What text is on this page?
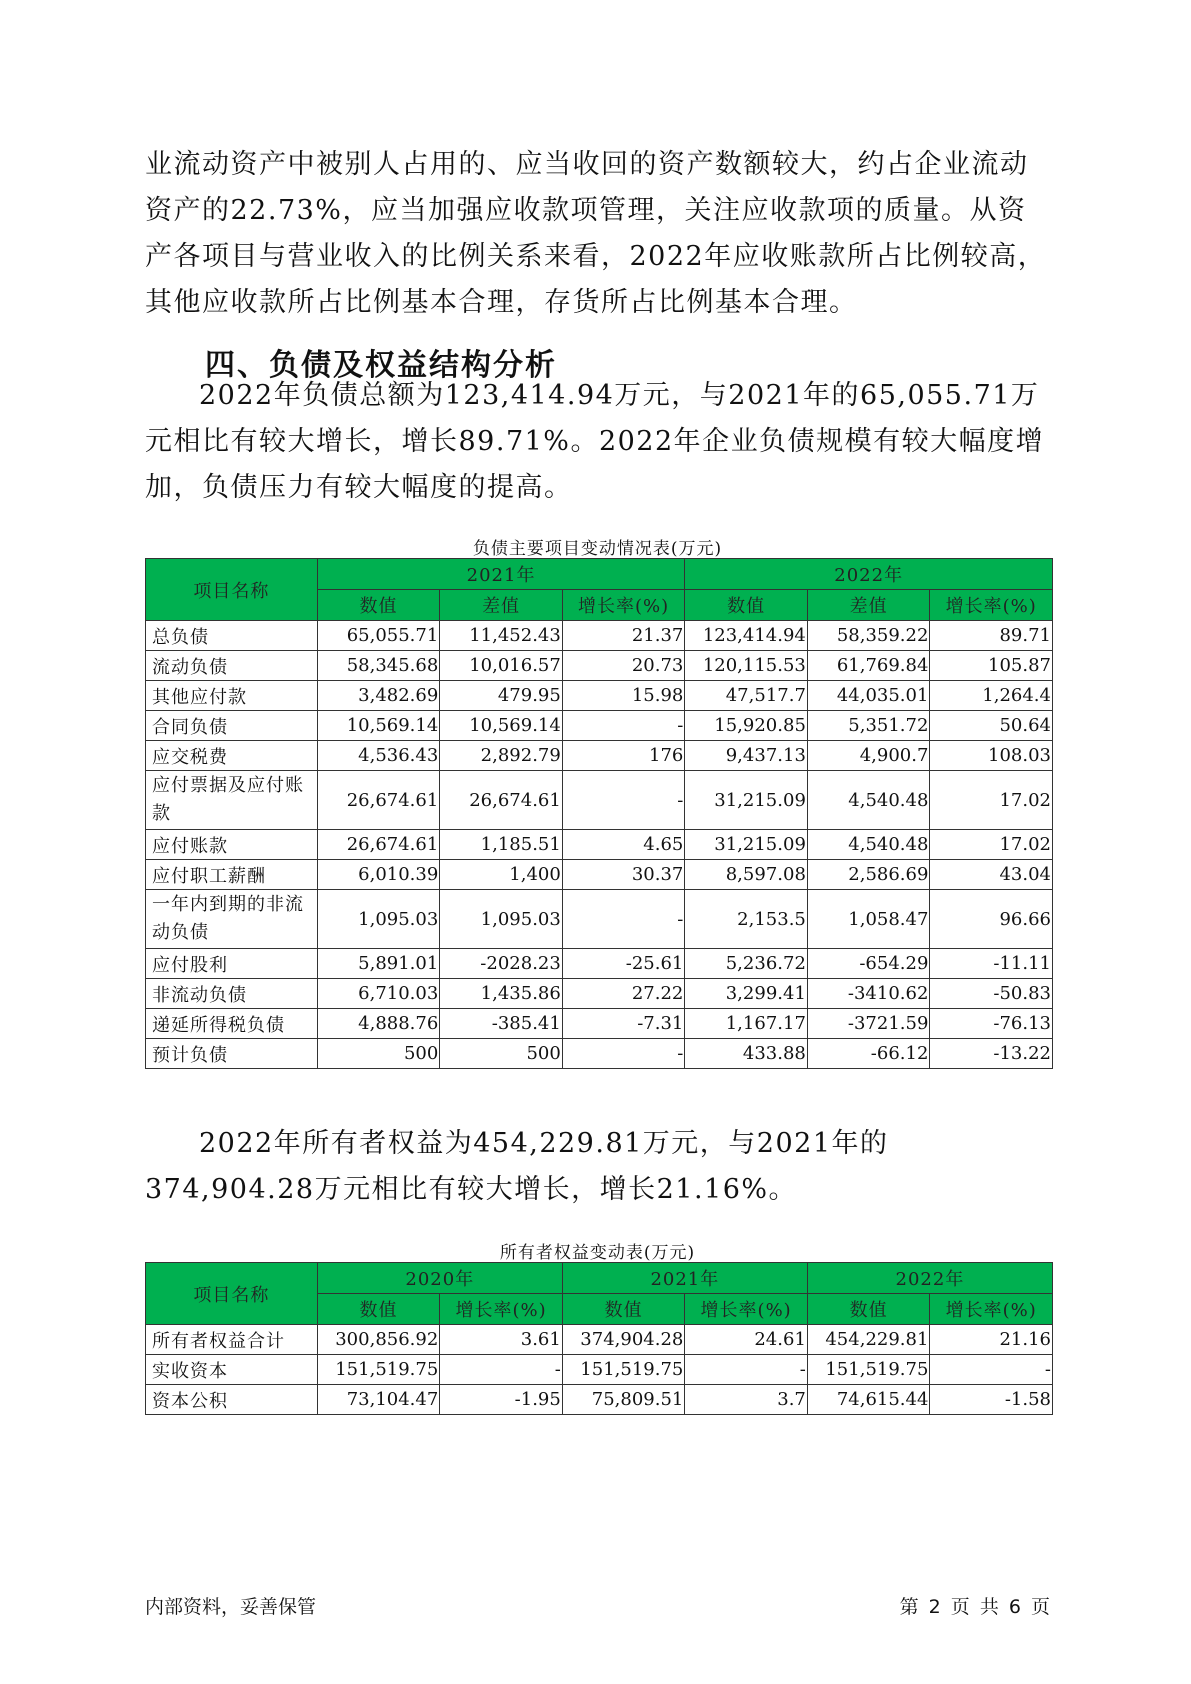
业流动资产中被别人占用的、应当收回的资产数额较大，约占企业流动资产的22.73%，应当加强应收款项管理，关注应收款项的质量。从资产各项目与营业收入的比例关系来看，2022年应收账款所占比例较高，其他应收款所占比例基本合理，存货所占比例基本合理。

四、负债及权益结构分析

2022年负债总额为123,414.94万元，与2021年的65,055.71万元相比有较大增长，增长89.71%。2022年企业负债规模有较大幅度增加，负债压力有较大幅度的提高。

负债主要项目变动情况表(万元)

项目名称	2021年			2022年		
	数值	差值	增长率(%)	数值	差值	增长率(%)
总负债	65,055.71	11,452.43	21.37	123,414.94	58,359.22	89.71
流动负债	58,345.68	10,016.57	20.73	120,115.53	61,769.84	105.87
其他应付款	3,482.69	479.95	15.98	47,517.7	44,035.01	1,264.4
合同负债	10,569.14	10,569.14	-	15,920.85	5,351.72	50.64
应交税费	4,536.43	2,892.79	176	9,437.13	4,900.7	108.03
应付票据及应付账款	26,674.61	26,674.61	-	31,215.09	4,540.48	17.02
应付账款	26,674.61	1,185.51	4.65	31,215.09	4,540.48	17.02
应付职工薪酬	6,010.39	1,400	30.37	8,597.08	2,586.69	43.04
一年内到期的非流动负债	1,095.03	1,095.03	-	2,153.5	1,058.47	96.66
应付股利	5,891.01	-2028.23	-25.61	5,236.72	-654.29	-11.11
非流动负债	6,710.03	1,435.86	27.22	3,299.41	-3410.62	-50.83
递延所得税负债	4,888.76	-385.41	-7.31	1,167.17	-3721.59	-76.13
预计负债	500	500	-	433.88	-66.12	-13.22

2022年所有者权益为454,229.81万元，与2021年的374,904.28万元相比有较大增长，增长21.16%。

所有者权益变动表(万元)

项目名称	2020年		2021年		2022年	
	数值	增长率(%)	数值	增长率(%)	数值	增长率(%)
所有者权益合计	300,856.92	3.61	374,904.28	24.61	454,229.81	21.16
实收资本	151,519.75	-	151,519.75	-	151,519.75	-
资本公积	73,104.47	-1.95	75,809.51	3.7	74,615.44	-1.58
内部资料，妥善保管	第 2 页 共 6 页
